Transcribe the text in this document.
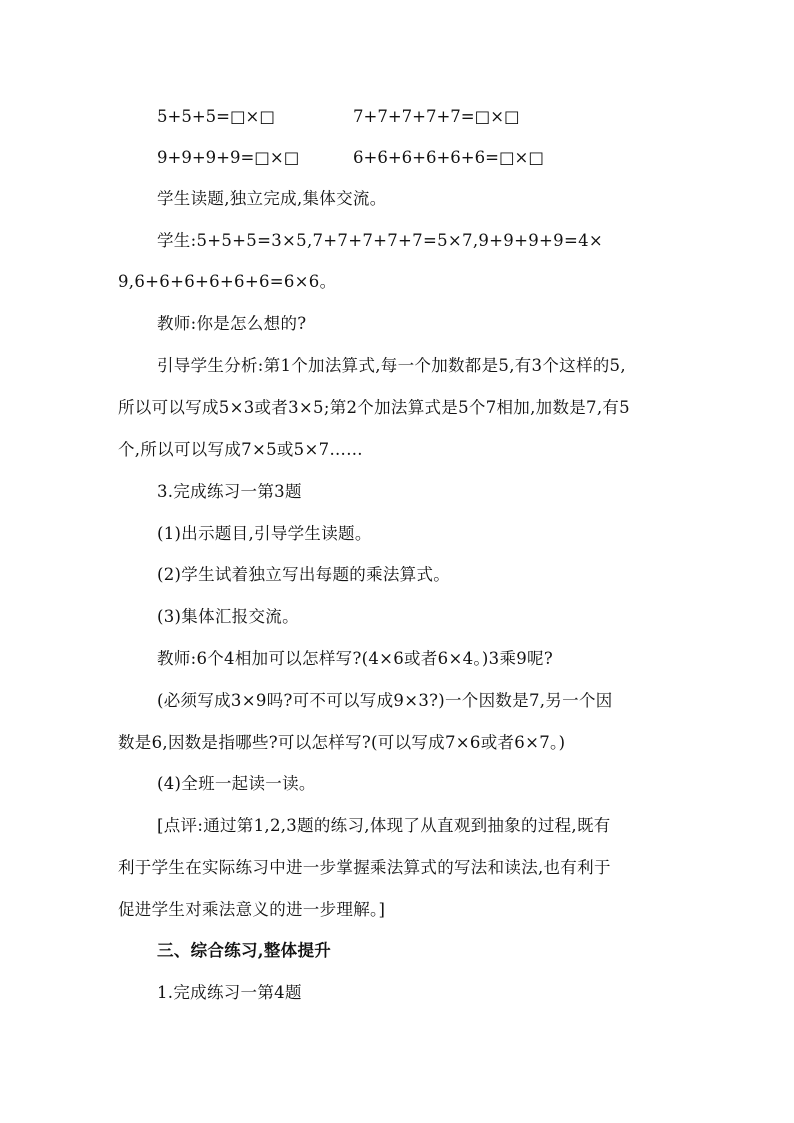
5+5+5=□×□	7+7+7+7+7=□×□
9+9+9+9=□×□	6+6+6+6+6+6=□×□
学生读题,独立完成,集体交流。
学生:5+5+5=3×5,7+7+7+7+7=5×7,9+9+9+9=4×
9,6+6+6+6+6+6=6×6。
教师:你是怎么想的?
引导学生分析:第1个加法算式,每一个加数都是5,有3个这样的5,
所以可以写成5×3或者3×5;第2个加法算式是5个7相加,加数是7,有5
个,所以可以写成7×5或5×7……
3.完成练习一第3题
(1)出示题目,引导学生读题。
(2)学生试着独立写出每题的乘法算式。
(3)集体汇报交流。
教师:6个4相加可以怎样写?(4×6或者6×4。)3乘9呢?
(必须写成3×9吗?可不可以写成9×3?)一个因数是7,另一个因
数是6,因数是指哪些?可以怎样写?(可以写成7×6或者6×7。)
(4)全班一起读一读。
[点评:通过第1,2,3题的练习,体现了从直观到抽象的过程,既有
利于学生在实际练习中进一步掌握乘法算式的写法和读法,也有利于
促进学生对乘法意义的进一步理解。]
三、综合练习,整体提升
1.完成练习一第4题
